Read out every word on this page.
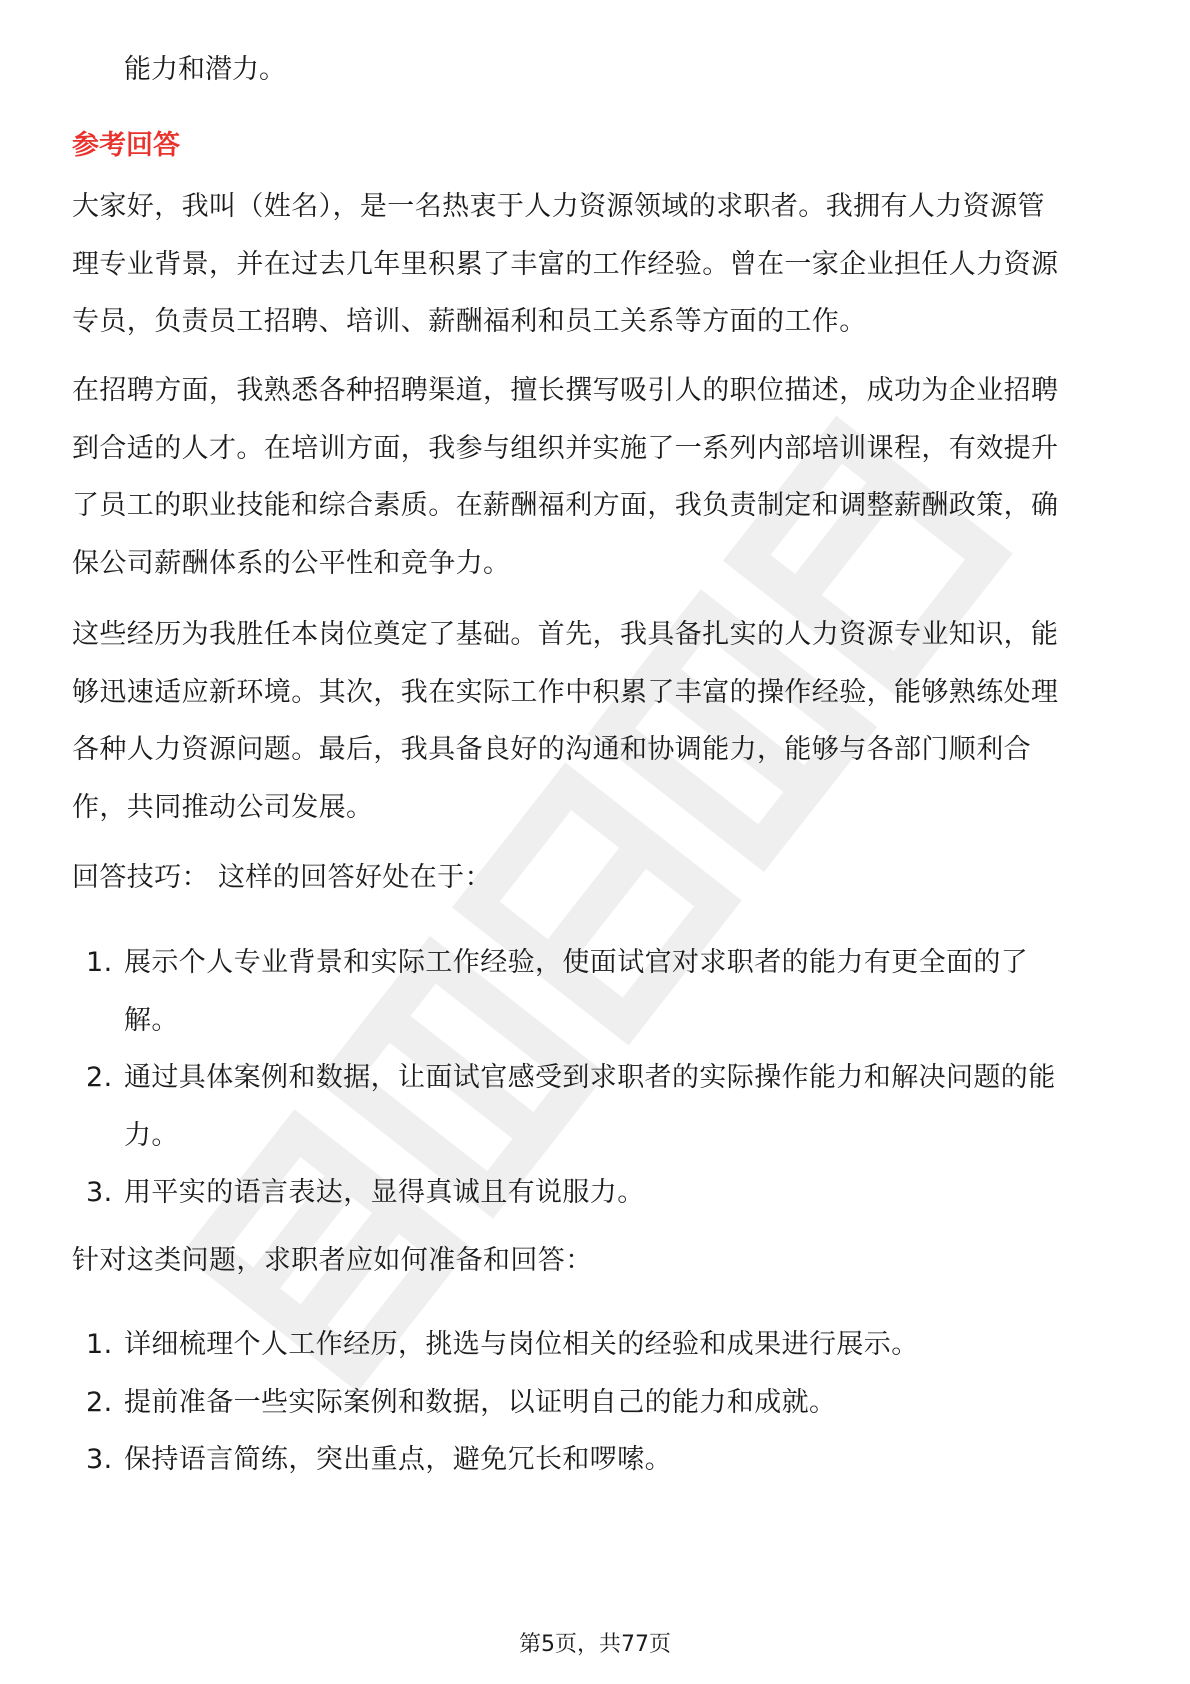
能力和潜力。
参考回答
大家好，我叫（姓名），是一名热衷于人力资源领域的求职者。我拥有人力资源管
理专业背景，并在过去几年里积累了丰富的工作经验。曾在一家企业担任人力资源
专员，负责员工招聘、培训、薪酬福利和员工关系等方面的工作。
在招聘方面，我熟悉各种招聘渠道，擅长撰写吸引人的职位描述，成功为企业招聘
到合适的人才。在培训方面，我参与组织并实施了一系列内部培训课程，有效提升
了员工的职业技能和综合素质。在薪酬福利方面，我负责制定和调整薪酬政策，确
保公司薪酬体系的公平性和竞争力。
这些经历为我胜任本岗位奠定了基础。首先，我具备扎实的人力资源专业知识，能
够迅速适应新环境。其次，我在实际工作中积累了丰富的操作经验，能够熟练处理
各种人力资源问题。最后，我具备良好的沟通和协调能力，能够与各部门顺利合
作，共同推动公司发展。
回答技巧： 这样的回答好处在于：
1. 展示个人专业背景和实际工作经验，使面试官对求职者的能力有更全面的了
解。
2. 通过具体案例和数据，让面试官感受到求职者的实际操作能力和解决问题的能
力。
3. 用平实的语言表达，显得真诚且有说服力。
针对这类问题，求职者应如何准备和回答：
1. 详细梳理个人工作经历，挑选与岗位相关的经验和成果进行展示。
2. 提前准备一些实际案例和数据，以证明自己的能力和成就。
3. 保持语言简练，突出重点，避免冗长和啰嗦。
第5页，共77页
